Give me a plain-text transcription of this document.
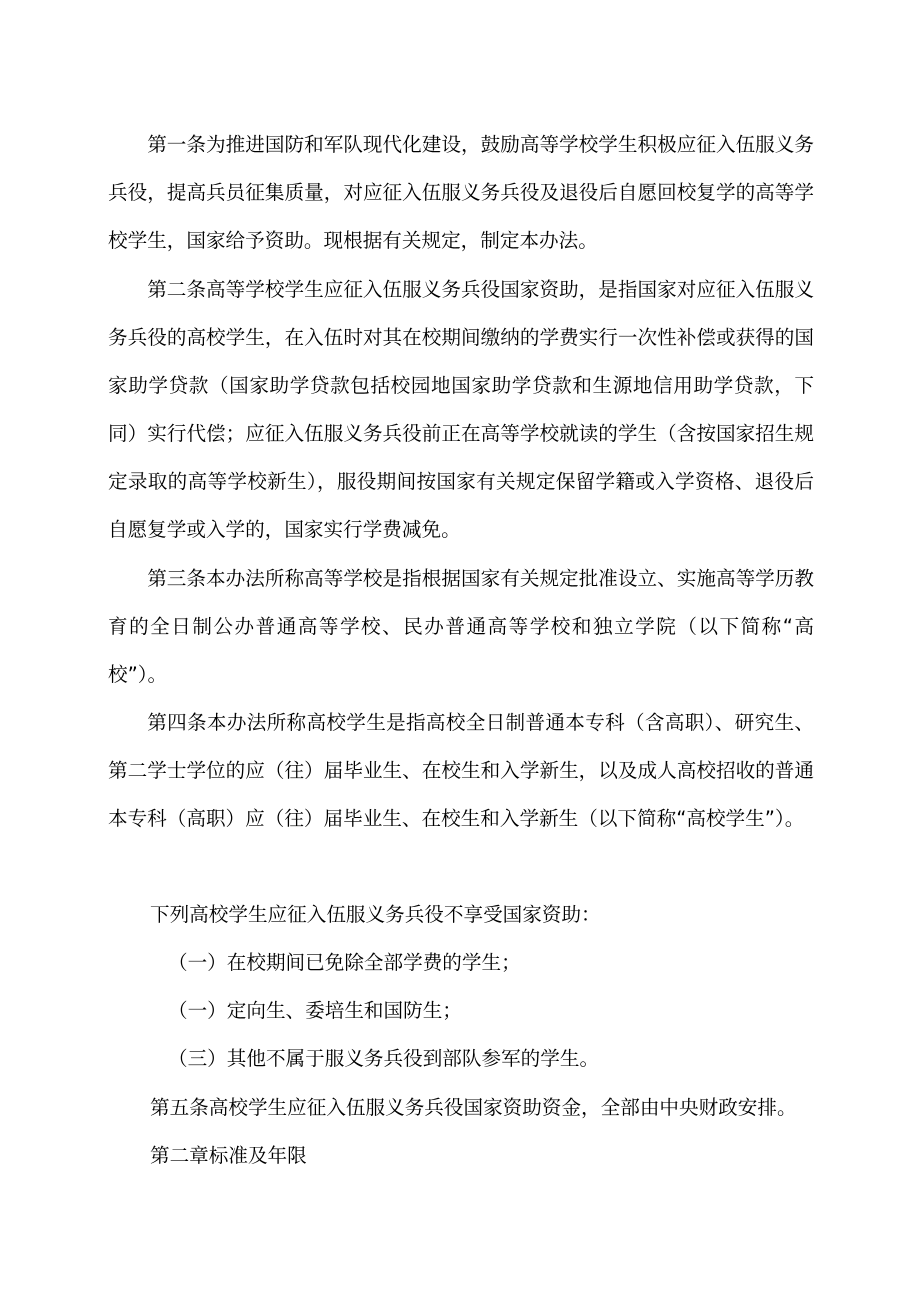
第一条为推进国防和军队现代化建设，鼓励高等学校学生积极应征入伍服义务兵役，提高兵员征集质量，对应征入伍服义务兵役及退役后自愿回校复学的高等学校学生，国家给予资助。现根据有关规定，制定本办法。

第二条高等学校学生应征入伍服义务兵役国家资助，是指国家对应征入伍服义务兵役的高校学生，在入伍时对其在校期间缴纳的学费实行一次性补偿或获得的国家助学贷款（国家助学贷款包括校园地国家助学贷款和生源地信用助学贷款，下同）实行代偿；应征入伍服义务兵役前正在高等学校就读的学生（含按国家招生规定录取的高等学校新生），服役期间按国家有关规定保留学籍或入学资格、退役后自愿复学或入学的，国家实行学费减免。

第三条本办法所称高等学校是指根据国家有关规定批准设立、实施高等学历教育的全日制公办普通高等学校、民办普通高等学校和独立学院（以下简称“高校”）。

第四条本办法所称高校学生是指高校全日制普通本专科（含高职）、研究生、第二学士学位的应（往）届毕业生、在校生和入学新生，以及成人高校招收的普通本专科（高职）应（往）届毕业生、在校生和入学新生（以下简称“高校学生”）。

下列高校学生应征入伍服义务兵役不享受国家资助：

（一）在校期间已免除全部学费的学生；

（一）定向生、委培生和国防生；

（三）其他不属于服义务兵役到部队参军的学生。

第五条高校学生应征入伍服义务兵役国家资助资金，全部由中央财政安排。

第二章标准及年限
